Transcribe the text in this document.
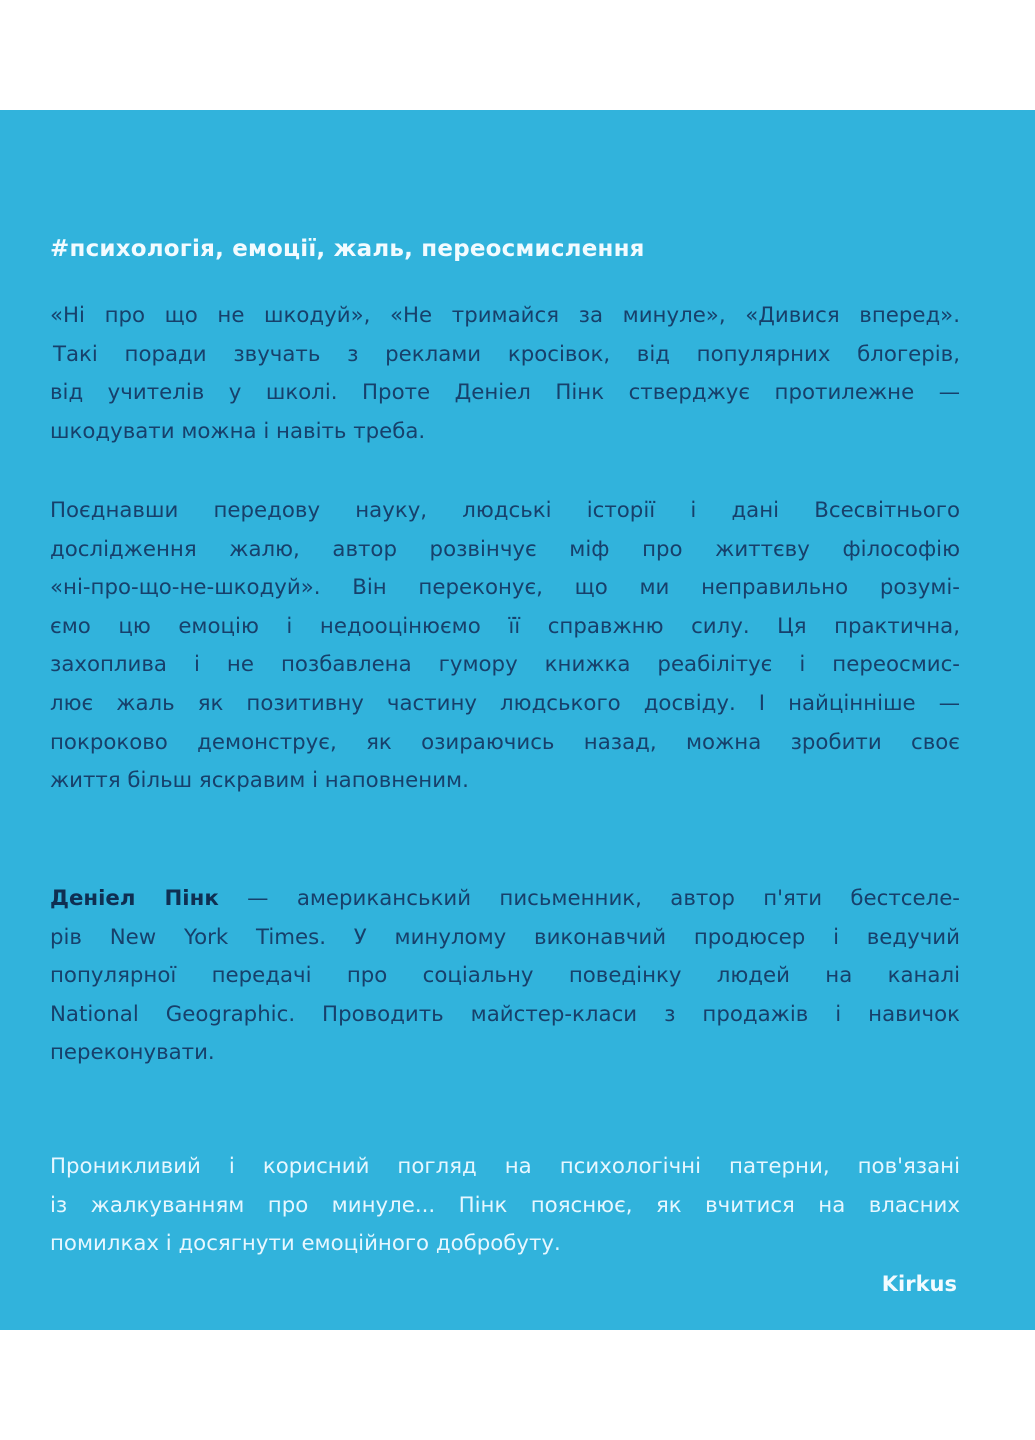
#психологія, емоції, жаль, переосмислення

«Ні про що не шкодуй», «Не тримайся за минуле», «Дивися вперед».
Такі поради звучать з реклами кросівок, від популярних блогерів,
від учителів у школі. Проте Деніел Пінк стверджує протилежне —
шкодувати можна і навіть треба.

Поєднавши передову науку, людські історії і дані Всесвітнього
дослідження жалю, автор розвінчує міф про життєву філософію
«ні-про-що-не-шкодуй». Він переконує, що ми неправильно розумі-
ємо цю емоцію і недооцінюємо її справжню силу. Ця практична,
захоплива і не позбавлена гумору книжка реабілітує і переосмис-
лює жаль як позитивну частину людського досвіду. І найцінніше —
покроково демонструє, як озираючись назад, можна зробити своє
життя більш яскравим і наповненим.

Деніел Пінк — американський письменник, автор п'яти бестселе-
рів New York Times. У минулому виконавчий продюсер і ведучий
популярної передачі про соціальну поведінку людей на каналі
National Geographic. Проводить майстер-класи з продажів і навичок
переконувати.

Проникливий і корисний погляд на психологічні патерни, пов'язані
із жалкуванням про минуле... Пінк пояснює, як вчитися на власних
помилках і досягнути емоційного добробуту.

Kirkus
